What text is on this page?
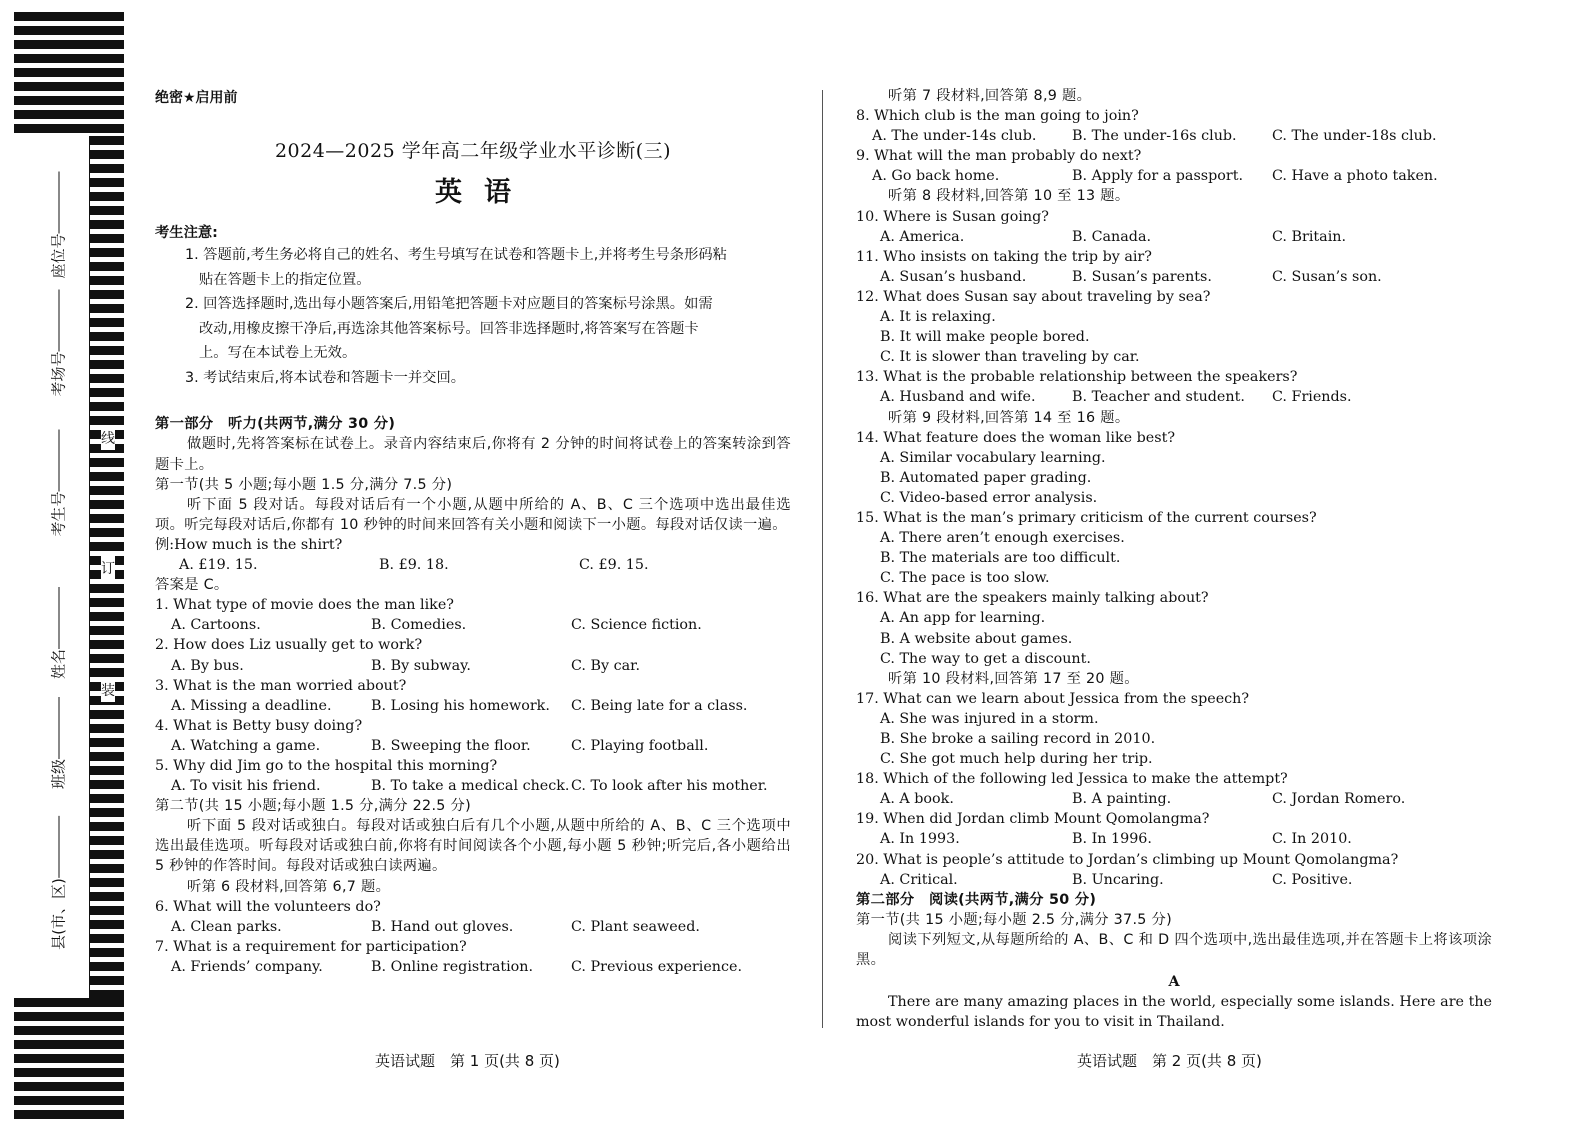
座位号
考场号
考生号
姓名
班级
县(市、区)
线
订
装
绝密★启用前
2024—2025 学年高二年级学业水平诊断(三)
英语
考生注意:
1. 答题前,考生务必将自己的姓名、考生号填写在试卷和答题卡上,并将考生号条形码粘
贴在答题卡上的指定位置。
2. 回答选择题时,选出每小题答案后,用铅笔把答题卡对应题目的答案标号涂黑。如需
改动,用橡皮擦干净后,再选涂其他答案标号。回答非选择题时,将答案写在答题卡
上。写在本试卷上无效。
3. 考试结束后,将本试卷和答题卡一并交回。
第一部分　听力(共两节,满分 30 分)
做题时,先将答案标在试卷上。录音内容结束后,你将有 2 分钟的时间将试卷上的答案转涂到答题卡上。
第一节(共 5 小题;每小题 1.5 分,满分 7.5 分)
听下面 5 段对话。每段对话后有一个小题,从题中所给的 A、B、C 三个选项中选出最佳选项。听完每段对话后,你都有 10 秒钟的时间来回答有关小题和阅读下一小题。每段对话仅读一遍。
例:How much is the shirt?
A. £19. 15.	B. £9. 18.	C. £9. 15.
答案是 C。
1. What type of movie does the man like?
A. Cartoons.	B. Comedies.	C. Science fiction.
2. How does Liz usually get to work?
A. By bus.	B. By subway.	C. By car.
3. What is the man worried about?
A. Missing a deadline.	B. Losing his homework.	C. Being late for a class.
4. What is Betty busy doing?
A. Watching a game.	B. Sweeping the floor.	C. Playing football.
5. Why did Jim go to the hospital this morning?
A. To visit his friend.	B. To take a medical check. C. To look after his mother.
第二节(共 15 小题;每小题 1.5 分,满分 22.5 分)
听下面 5 段对话或独白。每段对话或独白后有几个小题,从题中所给的 A、B、C 三个选项中选出最佳选项。听每段对话或独白前,你将有时间阅读各个小题,每小题 5 秒钟;听完后,各小题给出 5 秒钟的作答时间。每段对话或独白读两遍。
听第 6 段材料,回答第 6,7 题。
6. What will the volunteers do?
A. Clean parks.	B. Hand out gloves.	C. Plant seaweed.
7. What is a requirement for participation?
A. Friends’ company.	B. Online registration.	C. Previous experience.
听第 7 段材料,回答第 8,9 题。
8. Which club is the man going to join?
A. The under-14s club.	B. The under-16s club.	C. The under-18s club.
9. What will the man probably do next?
A. Go back home.	B. Apply for a passport.	C. Have a photo taken.
听第 8 段材料,回答第 10 至 13 题。
10. Where is Susan going?
A. America.	B. Canada.	C. Britain.
11. Who insists on taking the trip by air?
A. Susan’s husband.	B. Susan’s parents.	C. Susan’s son.
12. What does Susan say about traveling by sea?
A. It is relaxing.
B. It will make people bored.
C. It is slower than traveling by car.
13. What is the probable relationship between the speakers?
A. Husband and wife.	B. Teacher and student.	C. Friends.
听第 9 段材料,回答第 14 至 16 题。
14. What feature does the woman like best?
A. Similar vocabulary learning.
B. Automated paper grading.
C. Video-based error analysis.
15. What is the man’s primary criticism of the current courses?
A. There aren’t enough exercises.
B. The materials are too difficult.
C. The pace is too slow.
16. What are the speakers mainly talking about?
A. An app for learning.
B. A website about games.
C. The way to get a discount.
听第 10 段材料,回答第 17 至 20 题。
17. What can we learn about Jessica from the speech?
A. She was injured in a storm.
B. She broke a sailing record in 2010.
C. She got much help during her trip.
18. Which of the following led Jessica to make the attempt?
A. A book.	B. A painting.	C. Jordan Romero.
19. When did Jordan climb Mount Qomolangma?
A. In 1993.	B. In 1996.	C. In 2010.
20. What is people’s attitude to Jordan’s climbing up Mount Qomolangma?
A. Critical.	B. Uncaring.	C. Positive.
第二部分　阅读(共两节,满分 50 分)
第一节(共 15 小题;每小题 2.5 分,满分 37.5 分)
阅读下列短文,从每题所给的 A、B、C 和 D 四个选项中,选出最佳选项,并在答题卡上将该项涂黑。
A
There are many amazing places in the world, especially some islands. Here are the most wonderful islands for you to visit in Thailand.
英语试题　第 1 页(共 8 页)	英语试题　第 2 页(共 8 页)
